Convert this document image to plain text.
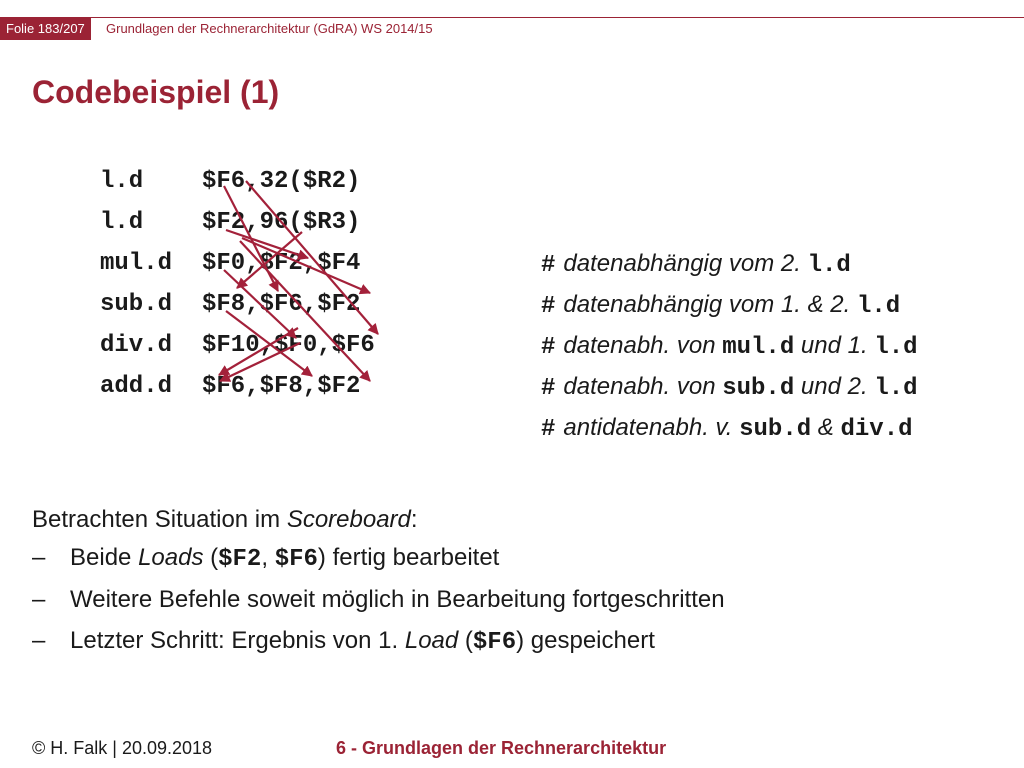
Folie 183/207	Grundlagen der Rechnerarchitektur (GdRA) WS 2014/15
Codebeispiel (1)
l.d $F6,32($R2)
l.d $F2,96($R3)
mul.d $F0,$F2,$F4
sub.d $F8,$F6,$F2
div.d $F10,$F0,$F6
add.d $F6,$F8,$F2
# datenabhängig vom 2. l.d
# datenabhängig vom 1. & 2. l.d
# datenabh. von mul.d und 1. l.d
# datenabh. von sub.d und 2. l.d
# antidatenabh. v. sub.d & div.d
Betrachten Situation im Scoreboard:
– Beide Loads ($F2, $F6) fertig bearbeitet
– Weitere Befehle soweit möglich in Bearbeitung fortgeschritten
– Letzter Schritt: Ergebnis von 1. Load ($F6) gespeichert
© H. Falk | 20.09.2018	6 - Grundlagen der Rechnerarchitektur
